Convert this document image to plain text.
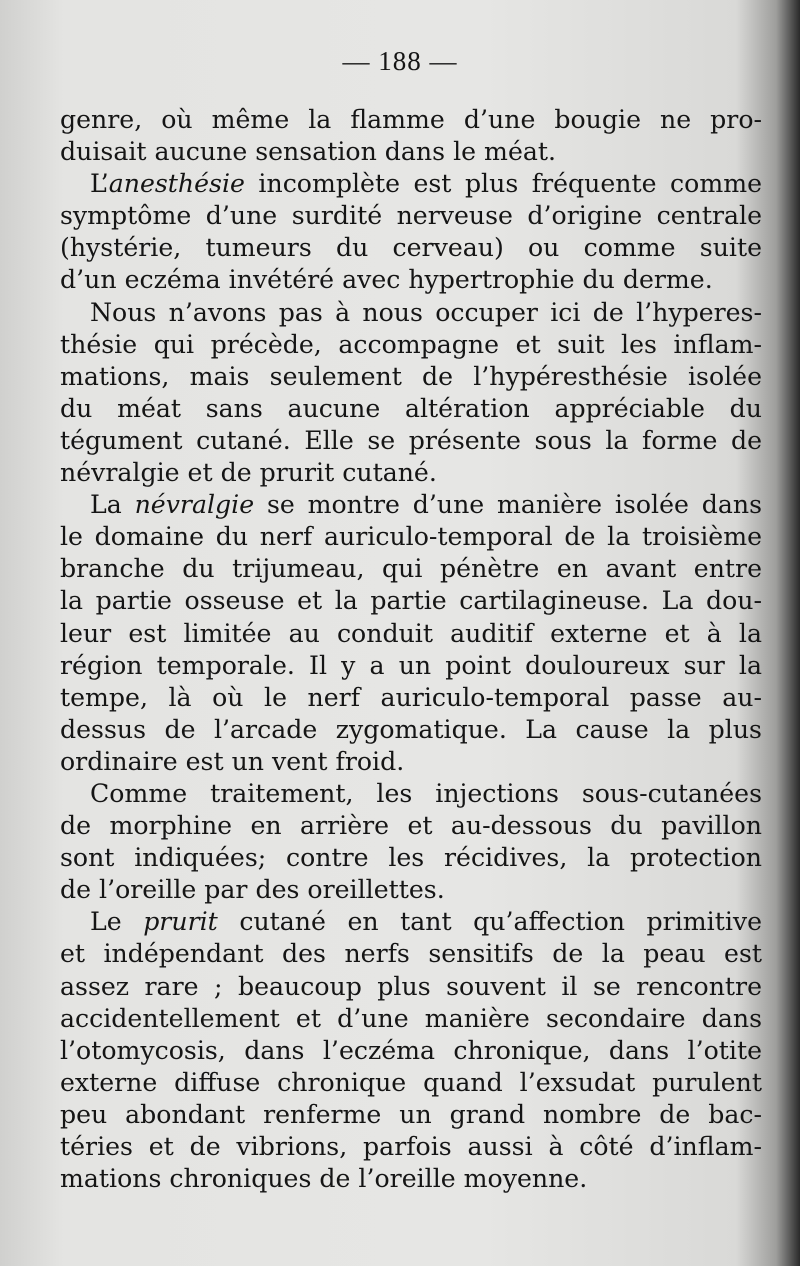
— 188 —
genre, où même la flamme d’une bougie ne pro-
duisait aucune sensation dans le méat.
L’anesthésie incomplète est plus fréquente comme
symptôme d’une surdité nerveuse d’origine centrale
(hystérie, tumeurs du cerveau) ou comme suite
d’un eczéma invétéré avec hypertrophie du derme.
Nous n’avons pas à nous occuper ici de l’hyperes-
thésie qui précède, accompagne et suit les inflam-
mations, mais seulement de l’hypéresthésie isolée
du méat sans aucune altération appréciable du
tégument cutané. Elle se présente sous la forme de
névralgie et de prurit cutané.
La névralgie se montre d’une manière isolée dans
le domaine du nerf auriculo-temporal de la troisième
branche du trijumeau, qui pénètre en avant entre
la partie osseuse et la partie cartilagineuse. La dou-
leur est limitée au conduit auditif externe et à la
région temporale. Il y a un point douloureux sur la
tempe, là où le nerf auriculo-temporal passe au-
dessus de l’arcade zygomatique. La cause la plus
ordinaire est un vent froid.
Comme traitement, les injections sous-cutanées
de morphine en arrière et au-dessous du pavillon
sont indiquées; contre les récidives, la protection
de l’oreille par des oreillettes.
Le prurit cutané en tant qu’affection primitive
et indépendant des nerfs sensitifs de la peau est
assez rare ; beaucoup plus souvent il se rencontre
accidentellement et d’une manière secondaire dans
l’otomycosis, dans l’eczéma chronique, dans l’otite
externe diffuse chronique quand l’exsudat purulent
peu abondant renferme un grand nombre de bac-
téries et de vibrions, parfois aussi à côté d’inflam-
mations chroniques de l’oreille moyenne.
